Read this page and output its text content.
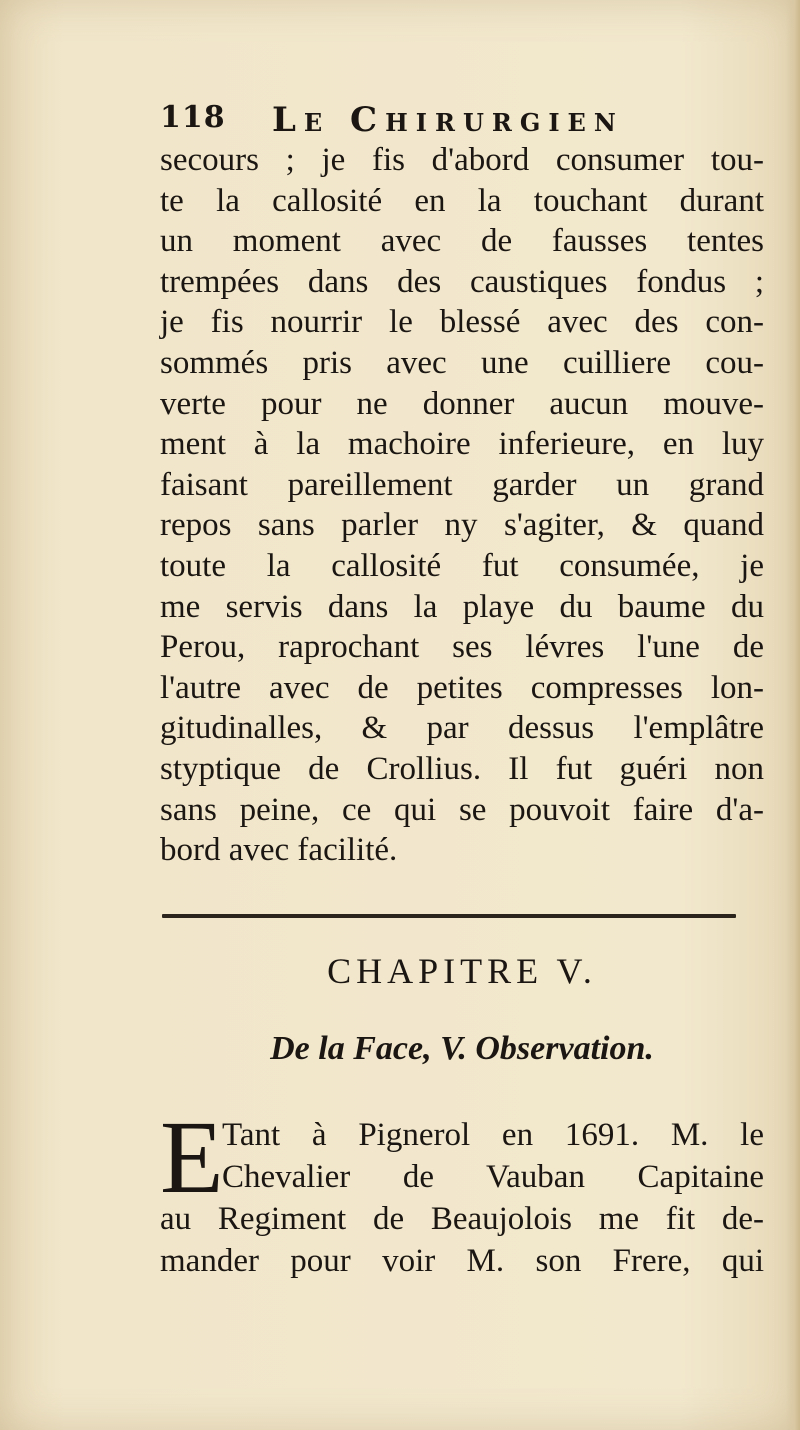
118 Le Chirurgien
secours ; je fis d'abord consumer tou-
te la callosité en la touchant durant
un moment avec de fausses tentes
trempées dans des caustiques fondus ;
je fis nourrir le blessé avec des con-
sommés pris avec une cuilliere cou-
verte pour ne donner aucun mouve-
ment à la machoire inferieure, en luy
faisant pareillement garder un grand
repos sans parler ny s'agiter, & quand
toute la callosité fut consumée, je
me servis dans la playe du baume du
Perou, raprochant ses lévres l'une de
l'autre avec de petites compresses lon-
gitudinalles, & par dessus l'emplâtre
styptique de Crollius. Il fut guéri non
sans peine, ce qui se pouvoit faire d'a-
bord avec facilité.
CHAPITRE V.
De la Face, V. Observation.
E
Tant à Pignerol en 1691. M. le
Chevalier de Vauban Capitaine
au Regiment de Beaujolois me fit de-
mander pour voir M. son Frere, qui
